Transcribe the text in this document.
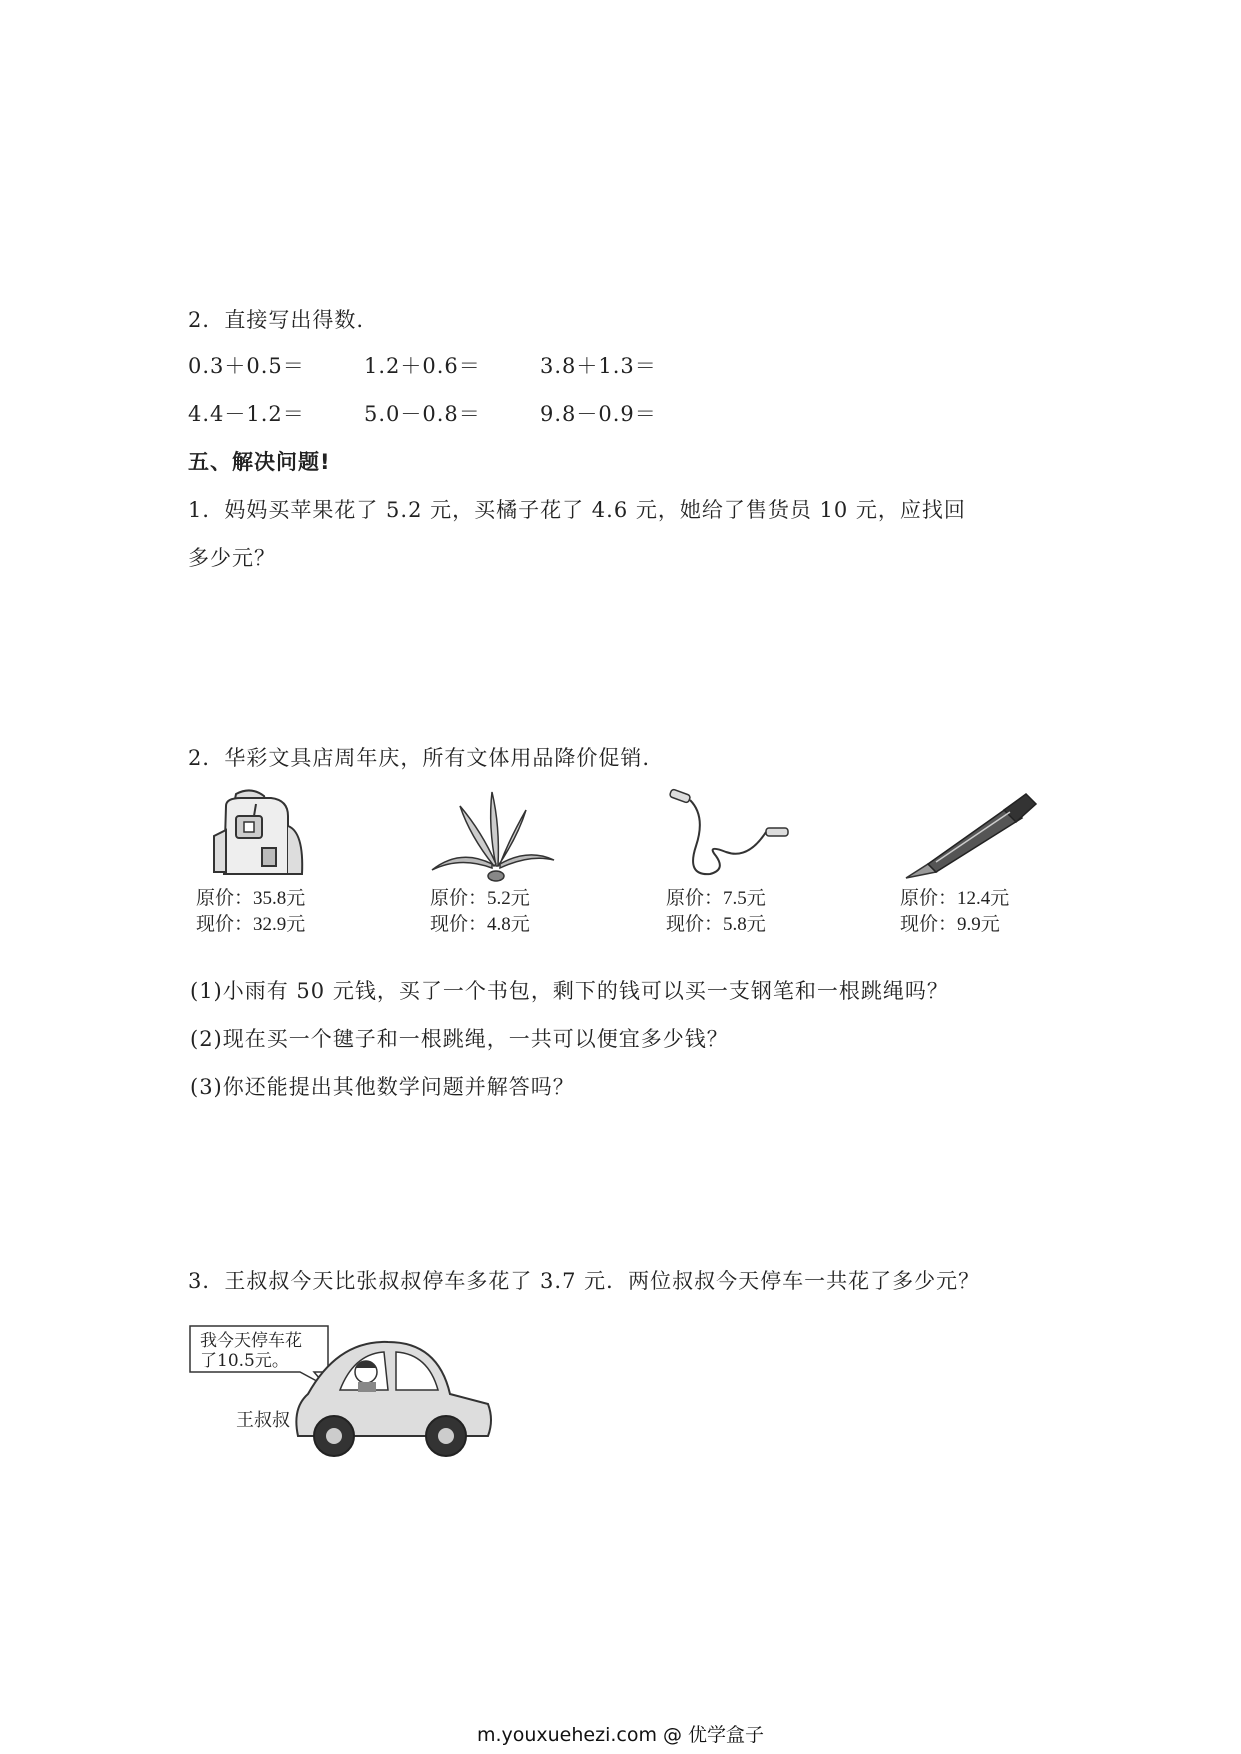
2．直接写出得数.
0.3＋0.5＝	1.2＋0.6＝	3.8＋1.3＝
4.4－1.2＝	5.0－0.8＝	9.8－0.9＝
五、解决问题!
1．妈妈买苹果花了 5.2 元，买橘子花了 4.6 元，她给了售货员 10 元，应找回
多少元？
2．华彩文具店周年庆，所有文体用品降价促销.
原价：35.8元
现价：32.9元
原价：5.2元
现价：4.8元
原价：7.5元
现价：5.8元
原价：12.4元
现价：9.9元
(1)小雨有 50 元钱，买了一个书包，剩下的钱可以买一支钢笔和一根跳绳吗？
(2)现在买一个毽子和一根跳绳，一共可以便宜多少钱？
(3)你还能提出其他数学问题并解答吗？
3．王叔叔今天比张叔叔停车多花了 3.7 元．两位叔叔今天停车一共花了多少元？
我今天停车花
了10.5元。
王叔叔
m.youxuehezi.com @ 优学盒子
